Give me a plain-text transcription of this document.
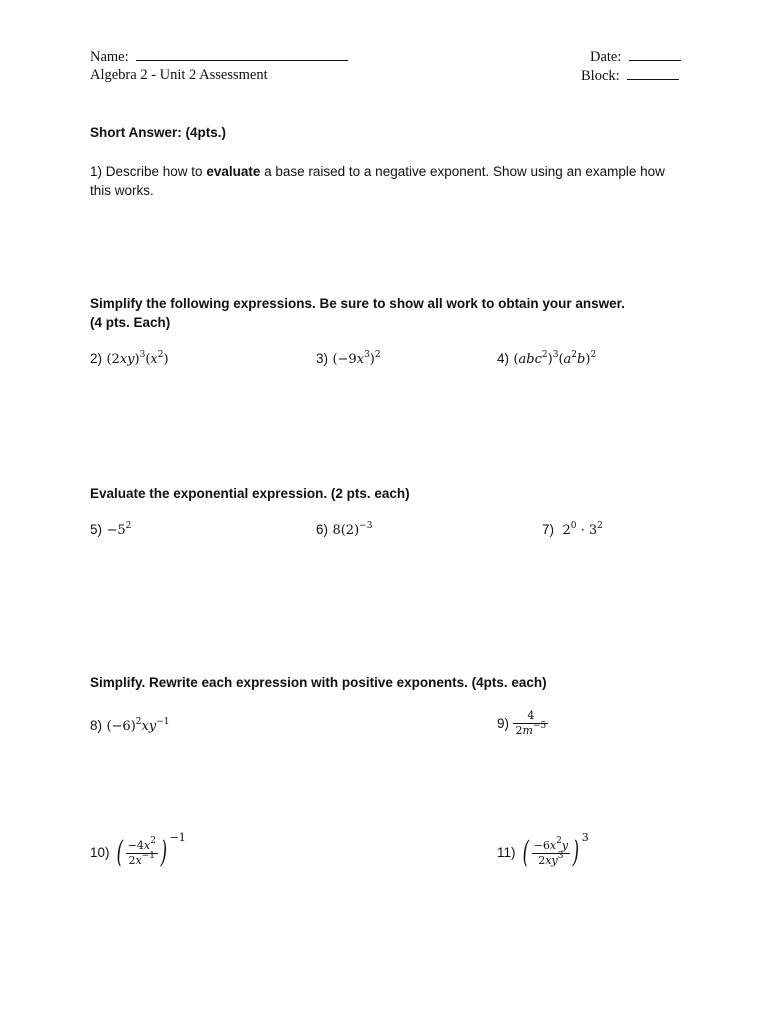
Name:	Date:
Algebra 2 - Unit 2 Assessment	Block:
Short Answer: (4pts.)
1) Describe how to evaluate a base raised to a negative exponent. Show using an example how
this works.
Simplify the following expressions. Be sure to show all work to obtain your answer.
(4 pts. Each)
2) $(2xy)^3(x^2)$	3) $(-9x^3)^2$	4) $(abc^2)^3(a^2b)^2$
Evaluate the exponential expression. (2 pts. each)
$5) -5^2$	6) $8(2)^{-3}$	7) $2^0 \cdot 3^2$
Simplify. Rewrite each expression with positive exponents. (4pts. each)
8) $(-6)^2xy^{-1}$	$9) \frac{4}{2m^{-5}}$
10) ( $\frac{-4x^2}{2x^{-1}}$ ) $^{-1}$
11) ( $\frac{-6x^2y}{2xy^3}$ ) $^3$
